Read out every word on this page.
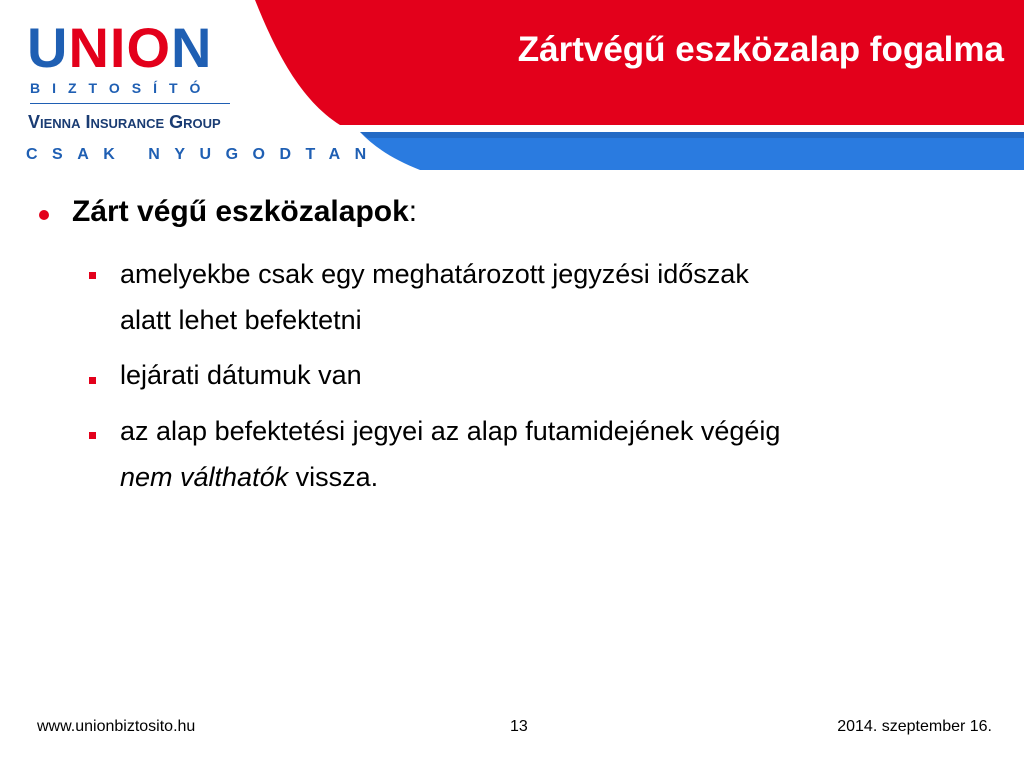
UNION
BIZTOSÍTÓ
Vienna Insurance Group
CSAK NYUGODTAN
Zártvégű eszközalap fogalma
Zárt végű eszközalapok:
amelyekbe csak egy meghatározott jegyzési időszak
alatt lehet befektetni
lejárati dátumuk van
az alap befektetési jegyei az alap futamidejének végéig
nem válthatók vissza.
www.unionbiztosito.hu	13	2014. szeptember 16.
